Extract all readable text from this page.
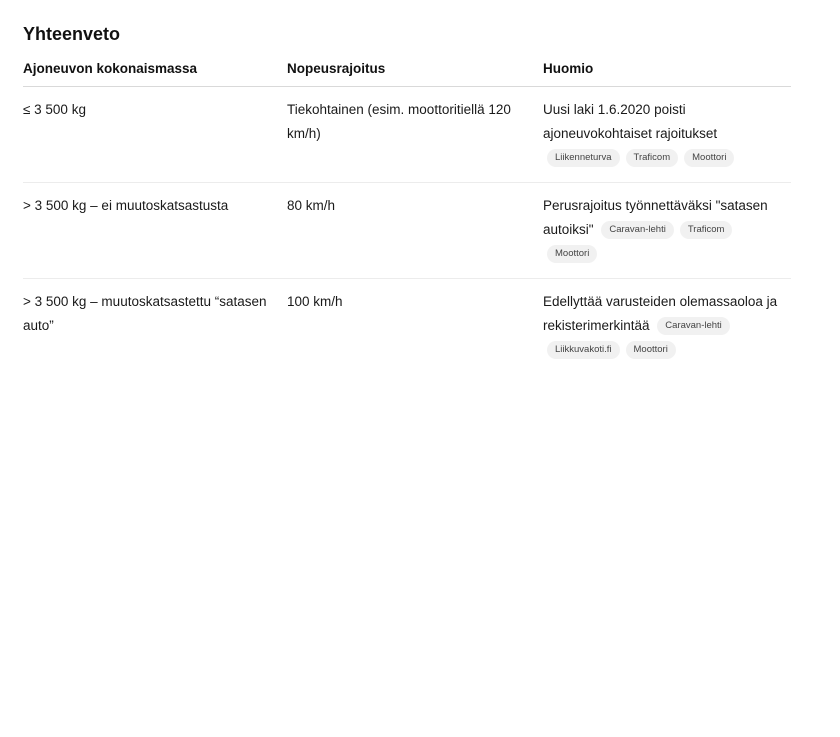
Yhteenveto
Ajoneuvon kokonaismassa	Nopeusrajoitus	Huomio
≤ 3 500 kg	Tiekohtainen (esim. moottoritiellä 120 km/h)	Uusi laki 1.6.2020 poisti ajoneuvokohtaiset rajoitukset Liikenneturva Traficom Moottori
> 3 500 kg – ei muutoskatsastusta	80 km/h	Perusrajoitus työnnettäväksi "satasen autoiksi" Caravan-lehti TraficomMoottori
> 3 500 kg – muutoskatsastettu “satasen auto”	100 km/h	Edellyttää varusteiden olemassaoloa ja rekisterimerkintää Caravan-lehtiLiikkuvakoti.fi Moottori
